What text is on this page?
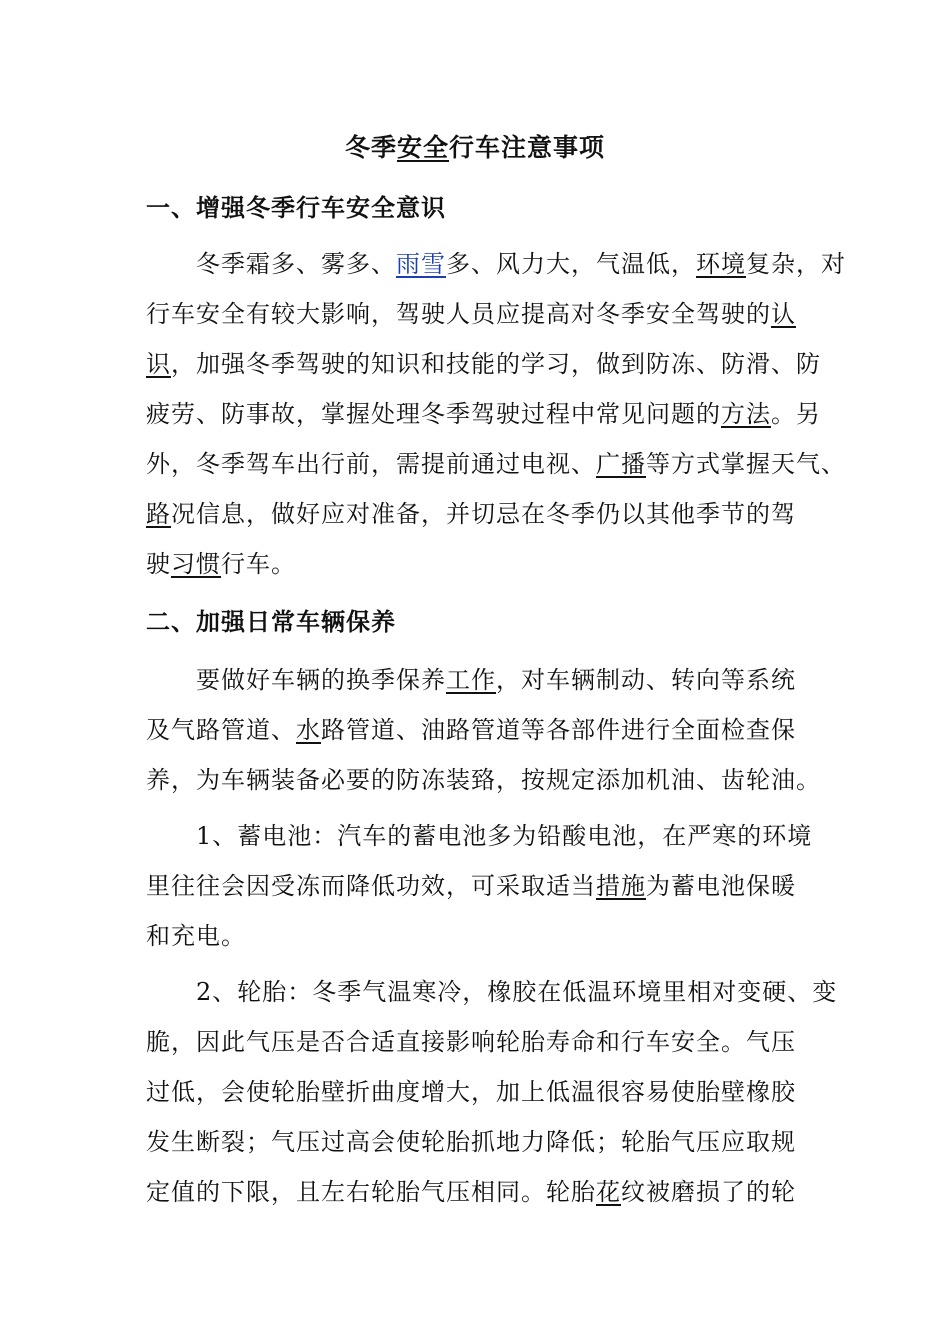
冬季安全行车注意事项
一、增强冬季行车安全意识
冬季霜多、雾多、雨雪多、风力大，气温低，环境复杂，对
行车安全有较大影响，驾驶人员应提高对冬季安全驾驶的认
识，加强冬季驾驶的知识和技能的学习，做到防冻、防滑、防
疲劳、防事故，掌握处理冬季驾驶过程中常见问题的方法。另
外，冬季驾车出行前，需提前通过电视、广播等方式掌握天气、
路况信息，做好应对准备，并切忌在冬季仍以其他季节的驾
驶习惯行车。
二、加强日常车辆保养
要做好车辆的换季保养工作，对车辆制动、转向等系统
及气路管道、水路管道、油路管道等各部件进行全面检查保
养，为车辆装备必要的防冻装臵，按规定添加机油、齿轮油。
1、蓄电池：汽车的蓄电池多为铅酸电池，在严寒的环境
里往往会因受冻而降低功效，可采取适当措施为蓄电池保暖
和充电。
2、轮胎：冬季气温寒冷，橡胶在低温环境里相对变硬、变
脆，因此气压是否合适直接影响轮胎寿命和行车安全。气压
过低，会使轮胎壁折曲度增大，加上低温很容易使胎壁橡胶
发生断裂；气压过高会使轮胎抓地力降低；轮胎气压应取规
定值的下限，且左右轮胎气压相同。轮胎花纹被磨损了的轮
